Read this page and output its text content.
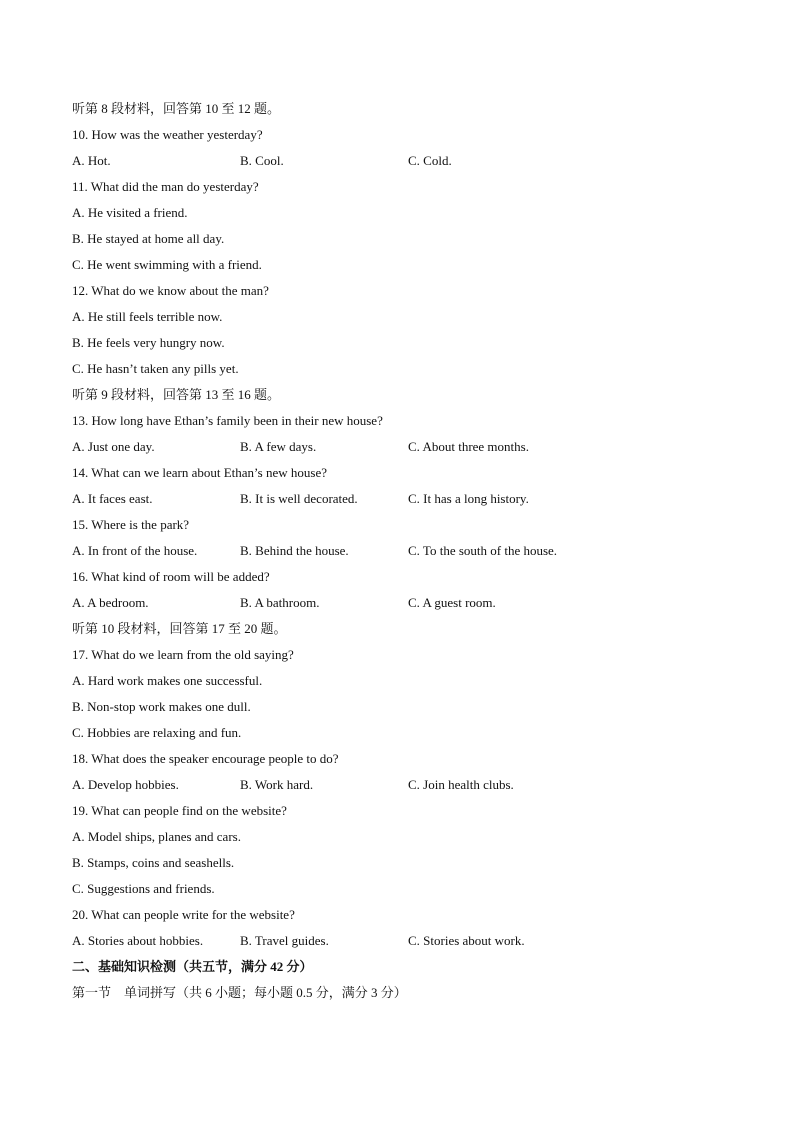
听第 8 段材料，回答第 10 至 12 题。
10. How was the weather yesterday?
A. Hot.	B. Cool.	C. Cold.
11. What did the man do yesterday?
A. He visited a friend.
B. He stayed at home all day.
C. He went swimming with a friend.
12. What do we know about the man?
A. He still feels terrible now.
B. He feels very hungry now.
C. He hasn’t taken any pills yet.
听第 9 段材料，回答第 13 至 16 题。
13. How long have Ethan’s family been in their new house?
A. Just one day.	B. A few days.	C. About three months.
14. What can we learn about Ethan’s new house?
A. It faces east.	B. It is well decorated.	C. It has a long history.
15. Where is the park?
A. In front of the house.	B. Behind the house.	C. To the south of the house.
16. What kind of room will be added?
A. A bedroom.	B. A bathroom.	C. A guest room.
听第 10 段材料，回答第 17 至 20 题。
17. What do we learn from the old saying?
A. Hard work makes one successful.
B. Non-stop work makes one dull.
C. Hobbies are relaxing and fun.
18. What does the speaker encourage people to do?
A. Develop hobbies.	B. Work hard.	C. Join health clubs.
19. What can people find on the website?
A. Model ships, planes and cars.
B. Stamps, coins and seashells.
C. Suggestions and friends.
20. What can people write for the website?
A. Stories about hobbies.	B. Travel guides.	C. Stories about work.
二、基础知识检测（共五节，满分 42 分）
第一节　单词拼写（共 6 小题；每小题 0.5 分，满分 3 分）
